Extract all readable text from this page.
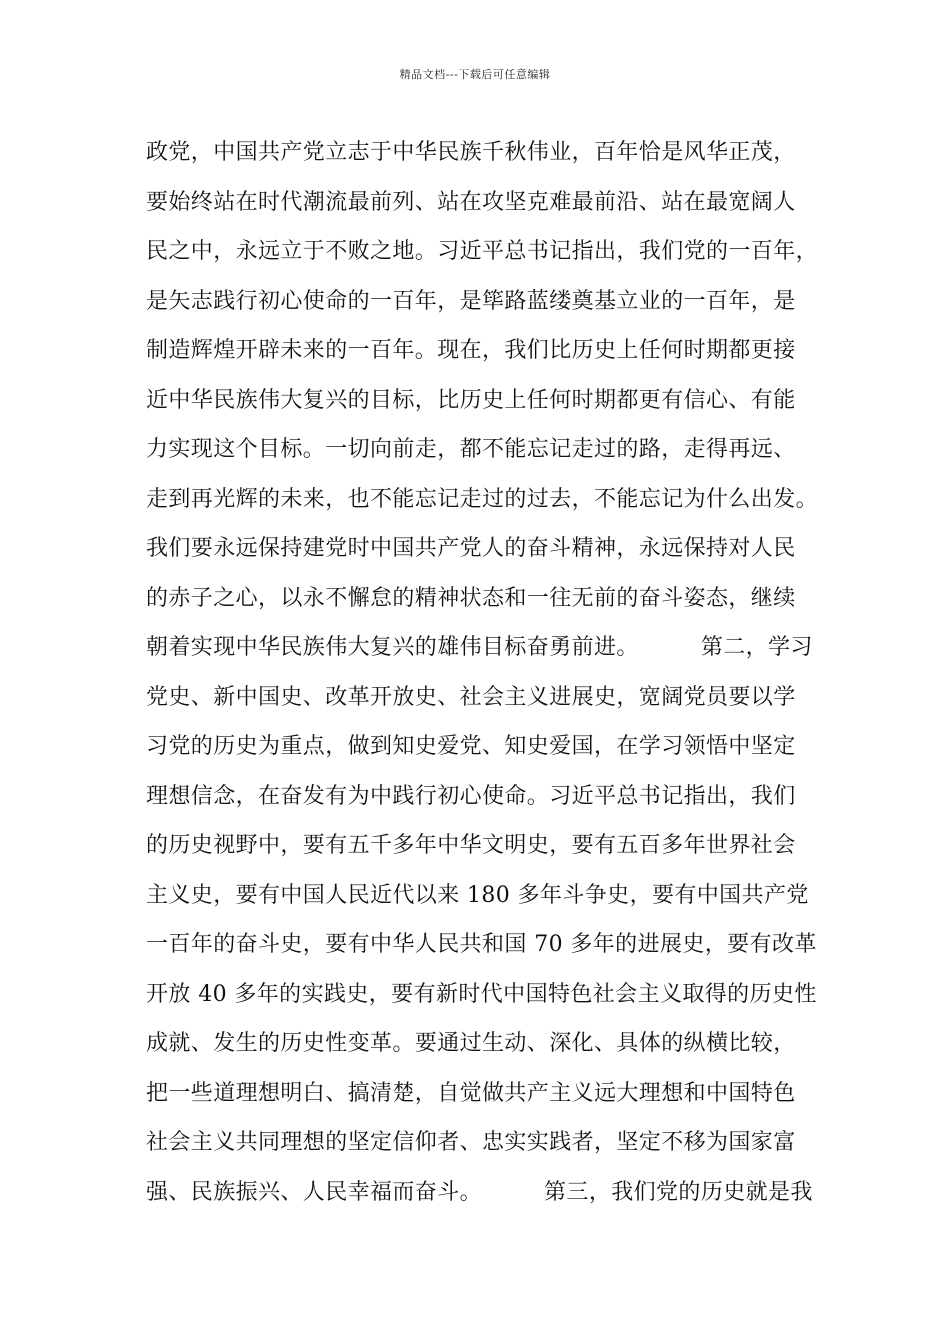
精品文档---下载后可任意编辑
政党，中国共产党立志于中华民族千秋伟业，百年恰是风华正茂，
要始终站在时代潮流最前列、站在攻坚克难最前沿、站在最宽阔人
民之中，永远立于不败之地。习近平总书记指出，我们党的一百年，
是矢志践行初心使命的一百年，是筚路蓝缕奠基立业的一百年，是
制造辉煌开辟未来的一百年。现在，我们比历史上任何时期都更接
近中华民族伟大复兴的目标，比历史上任何时期都更有信心、有能
力实现这个目标。一切向前走，都不能忘记走过的路，走得再远、
走到再光辉的未来，也不能忘记走过的过去，不能忘记为什么出发。
我们要永远保持建党时中国共产党人的奋斗精神，永远保持对人民
的赤子之心，以永不懈怠的精神状态和一往无前的奋斗姿态，继续
朝着实现中华民族伟大复兴的雄伟目标奋勇前进。	第二，学习
党史、新中国史、改革开放史、社会主义进展史，宽阔党员要以学
习党的历史为重点，做到知史爱党、知史爱国，在学习领悟中坚定
理想信念，在奋发有为中践行初心使命。习近平总书记指出，我们
的历史视野中，要有五千多年中华文明史，要有五百多年世界社会
主义史，要有中国人民近代以来 180 多年斗争史，要有中国共产党
一百年的奋斗史，要有中华人民共和国 70 多年的进展史，要有改革
开放 40 多年的实践史，要有新时代中国特色社会主义取得的历史性
成就、发生的历史性变革。要通过生动、深化、具体的纵横比较，
把一些道理想明白、搞清楚，自觉做共产主义远大理想和中国特色
社会主义共同理想的坚定信仰者、忠实实践者，坚定不移为国家富
强、民族振兴、人民幸福而奋斗。	第三，我们党的历史就是我
